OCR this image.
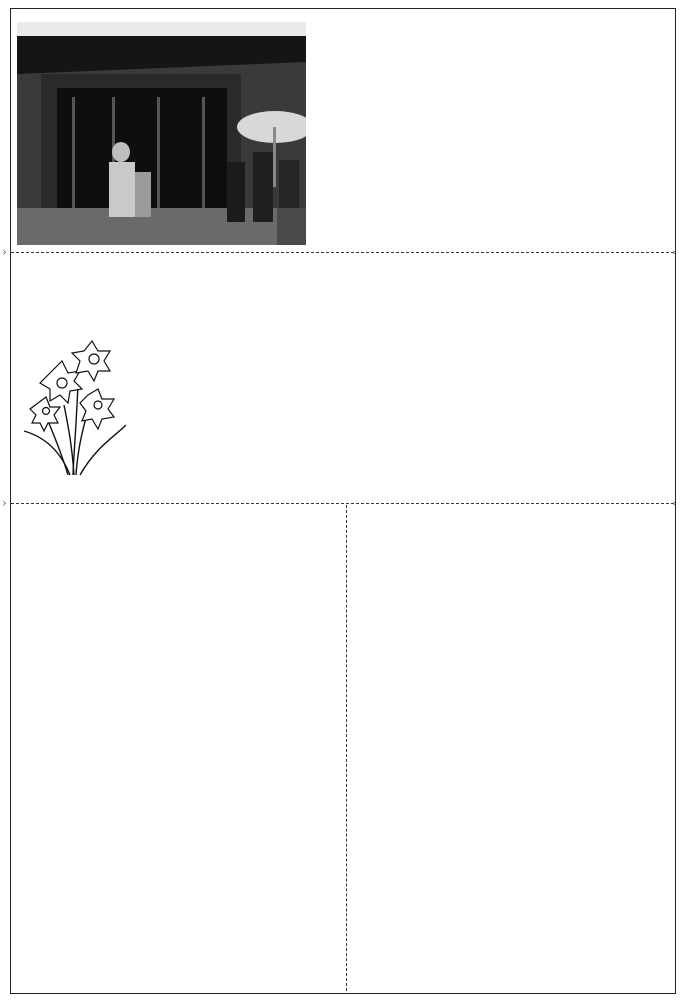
›	‹
›	‹
